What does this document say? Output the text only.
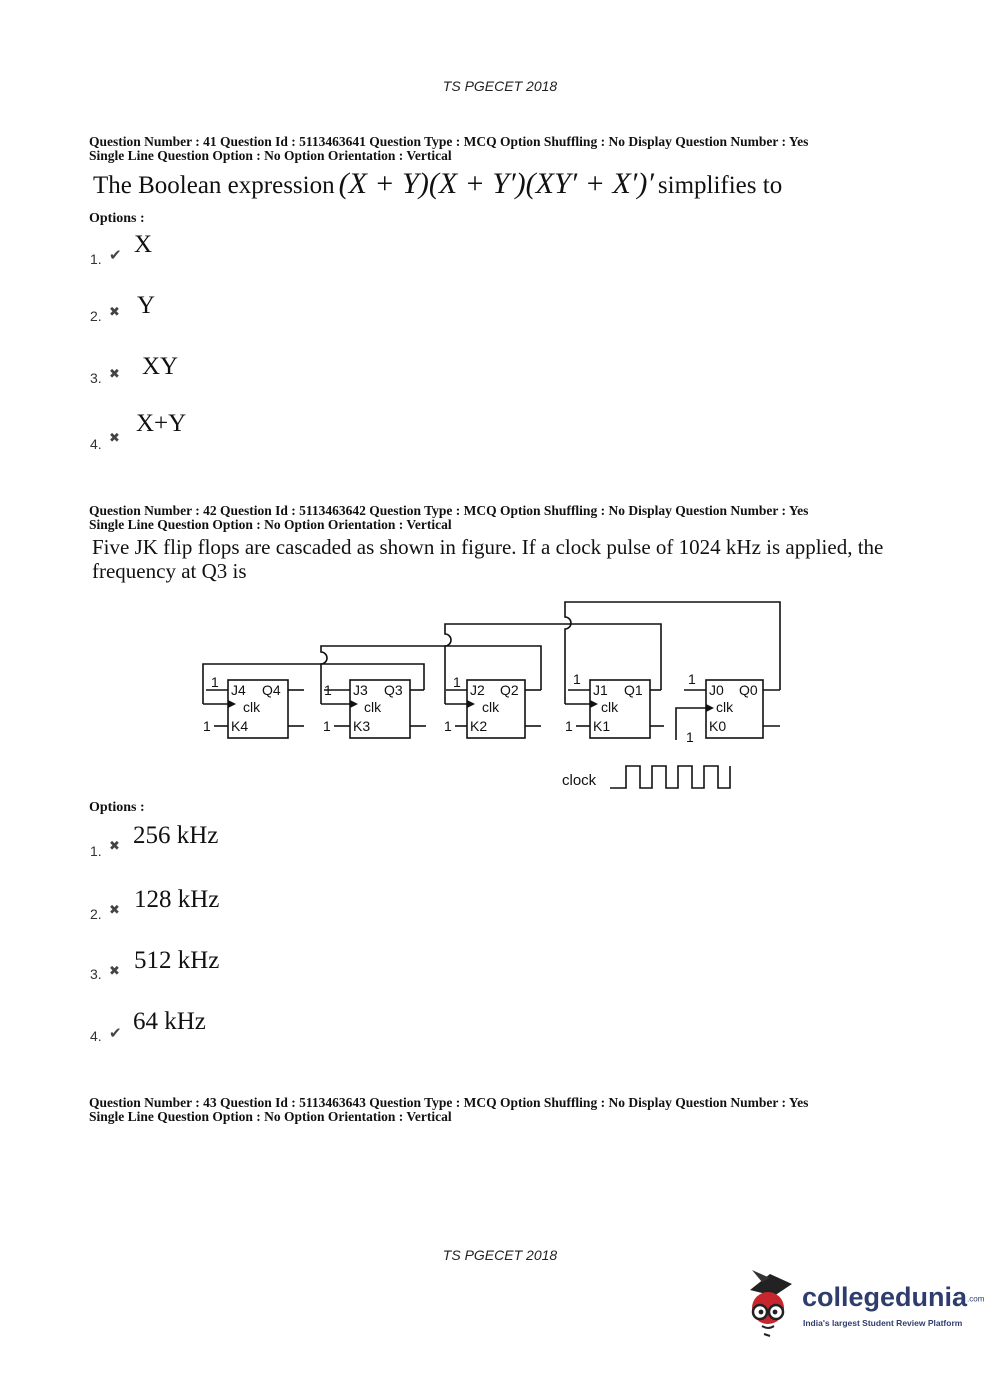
TS PGECET 2018
Question Number : 41 Question Id : 5113463641 Question Type : MCQ Option Shuffling : No Display Question Number : Yes
Single Line Question Option : No Option Orientation : Vertical
The Boolean expression (X + Y)(X + Y′)(XY′ + X′)′ simplifies to
Options :
1. ✔ X
2. ✖ Y
3. ✖ XY
4. ✖
X+Y
Question Number : 42 Question Id : 5113463642 Question Type : MCQ Option Shuffling : No Display Question Number : Yes
Single Line Question Option : No Option Orientation : Vertical
Five JK flip flops are cascaded as shown in figure. If a clock pulse of 1024 kHz is applied, the
frequency at Q3 is
J4 Q4
clk
K4
J3 Q3
clk
K3
J2 Q2
clk
K2
J1 Q1
clk
K1
J0 Q0
clk
K0
1
1
1
1
1
1
1
1
1
1
clock
Options :
1. ✖ 256 kHz
2. ✖ 128 kHz
3. ✖ 512 kHz
4. ✔ 64 kHz
Question Number : 43 Question Id : 5113463643 Question Type : MCQ Option Shuffling : No Display Question Number : Yes
Single Line Question Option : No Option Orientation : Vertical
TS PGECET 2018
collegedunia.com
India's largest Student Review Platform
